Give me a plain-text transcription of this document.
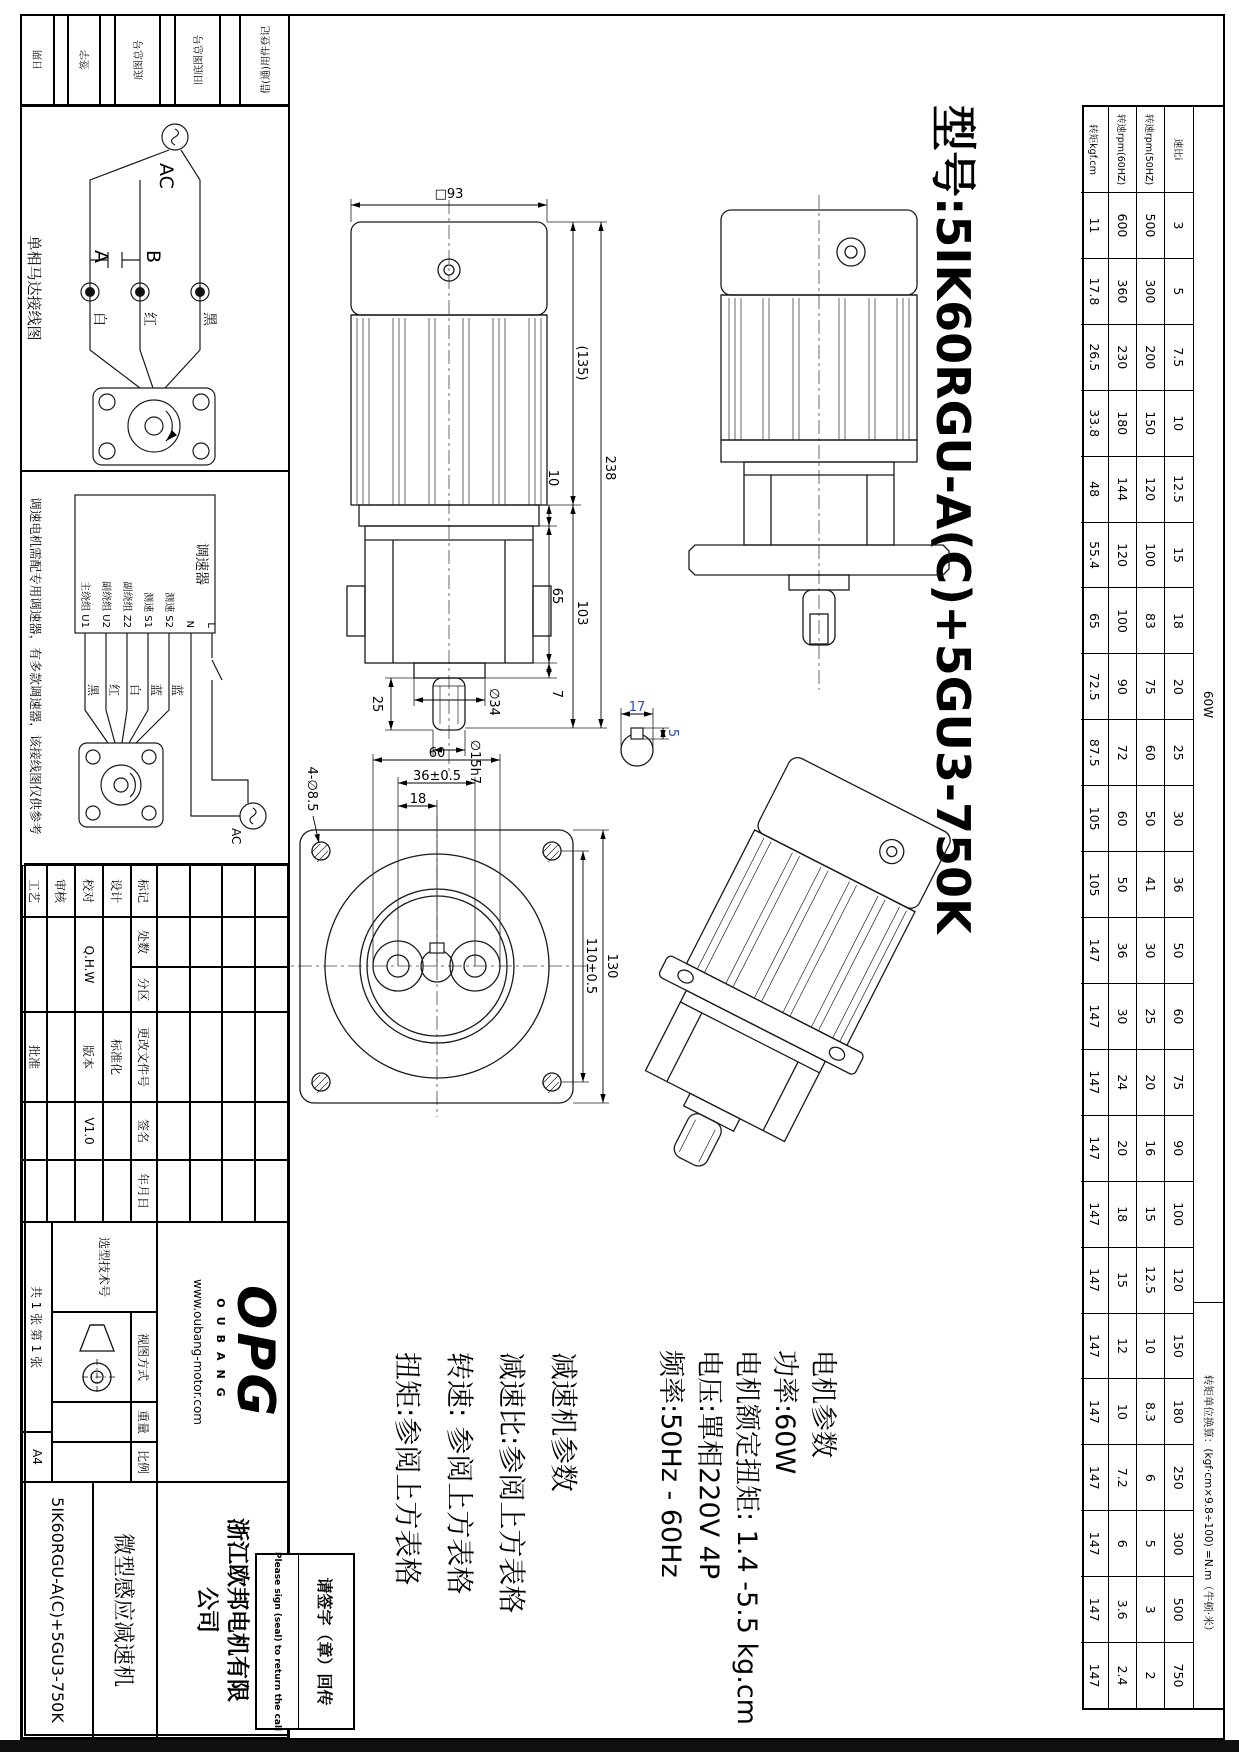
60W
转矩单位换算：(kgf·cm×9.8÷100) =N.m（牛顿·米）
速比i
3
5
7.5
10
12.5
15
18
20
25
30
36
50
60
75
90
100
120
150
180
250
300
500
750
转速rpm(50HZ)
500
300
200
150
120
100
83
75
60
50
41
30
25
20
16
15
12.5
10
8.3
6
5
3
2
转速rpm(60HZ)
600
360
230
180
144
120
100
90
72
60
50
36
30
24
20
18
15
12
10
7.2
6
3.6
2.4
转矩kgf.cm
11
17.8
26.5
33.8
48
55.4
65
72.5
87.5
105
105
147
147
147
147
147
147
147
147
147
147
147
147
型号:5IK60RGU-A(C)+5GU3-750K
□93
(135)
103
238
10
65
7
∅34
25
∅15h7
17
5
130
110±0.5
18
36±0.5
60
4-∅8.5
AC
B
A
黑
红
白
单相马达接线图
调速器
主绕组 U1 副绕组 U2 副绕组 Z2 测速 S1 测速 S2 N L
AC
黑 红 白 蓝 蓝
调速电机需配专用调速器，有多款调速器，该接线图仅供参考
借(通)用件登记
旧底图总号
底图总号
签字
日期
电机参数
功率:60W
电机额定扭矩: 1.4 -5.5 kg.cm
电压:單相220V 4P
频率:50Hz - 60Hz
减速机参数
减速比:参阅上方表格
转速: 参阅上方表格
扭矩:参阅上方表格
请签字（章）回传
Please sign (seal) to return the call
标记
处数
分区
更改文件号
签名
年月日
设计
校对
审核
工艺
Q.H.W
标准化
版本
批准
V1.0
OPG
OUBANG
www.oubang-motor.com
浙江欧邦电机有限
公司
选型技术号
视图方式
重量
比例
微型感应减速机
5IK60RGU-A(C)+5GU3-750K
共 1 张 第 1 张
A4
